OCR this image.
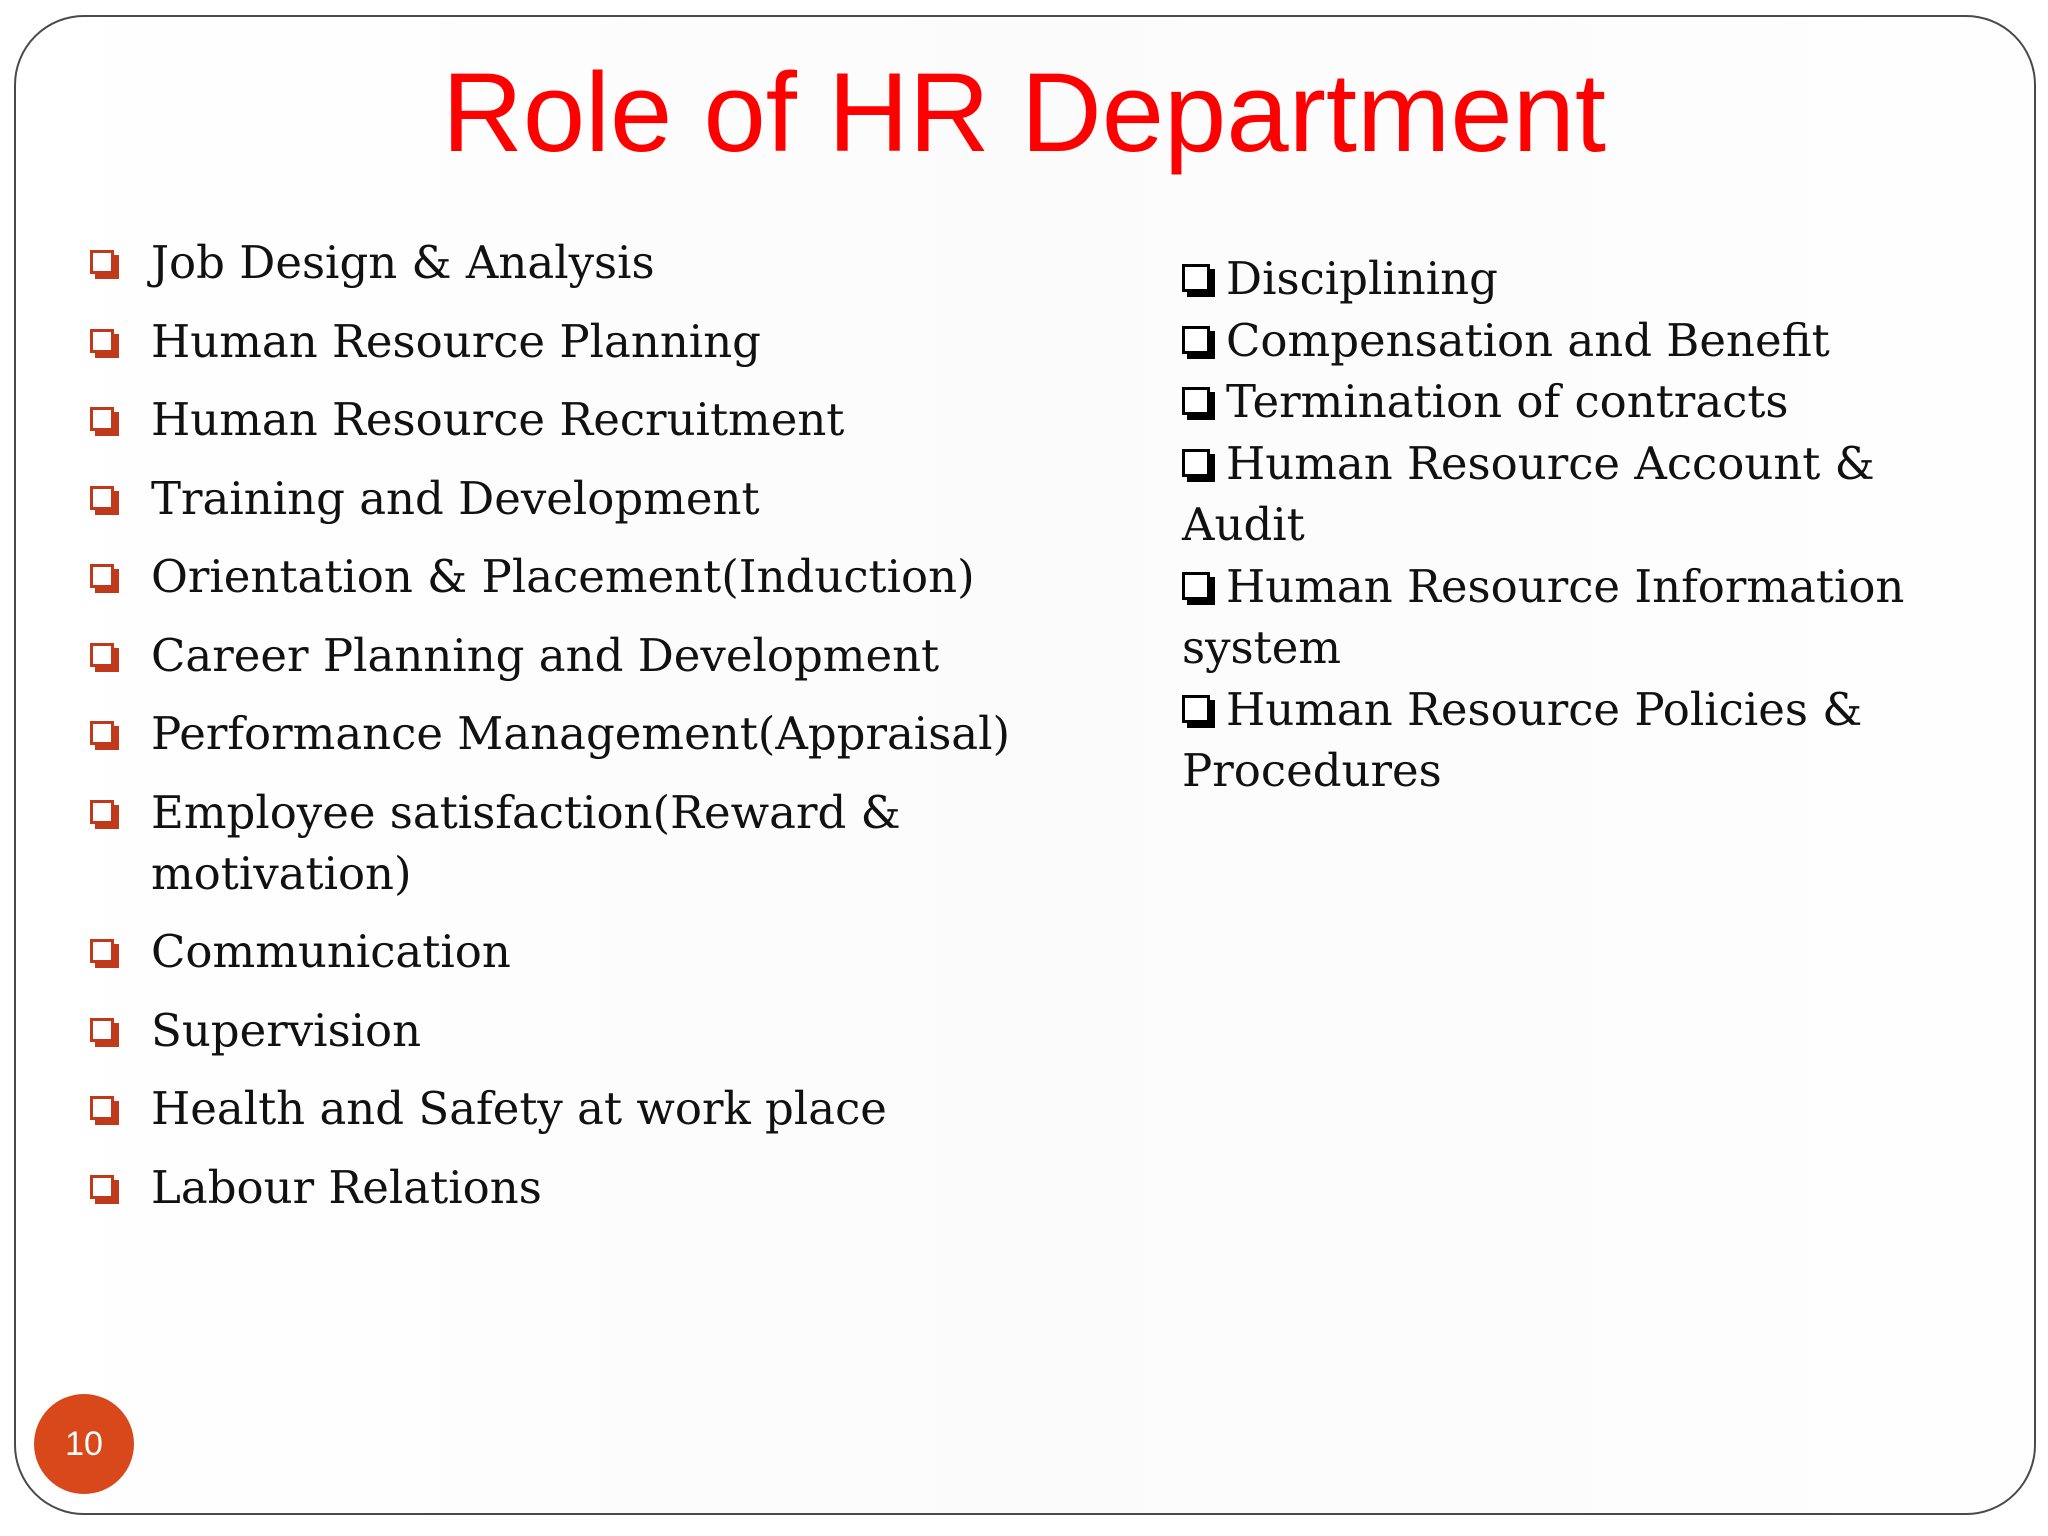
Role of HR Department
Job Design & Analysis
Human Resource Planning
Human Resource Recruitment
Training and Development
Orientation & Placement(Induction)
Career Planning and Development
Performance Management(Appraisal)
Employee satisfaction(Reward & motivation)
Communication
Supervision
Health and Safety at work place
Labour Relations
Disciplining
Compensation and Benefit
Termination of contracts
Human Resource Account & Audit
Human Resource Information system
Human Resource Policies & Procedures
10
